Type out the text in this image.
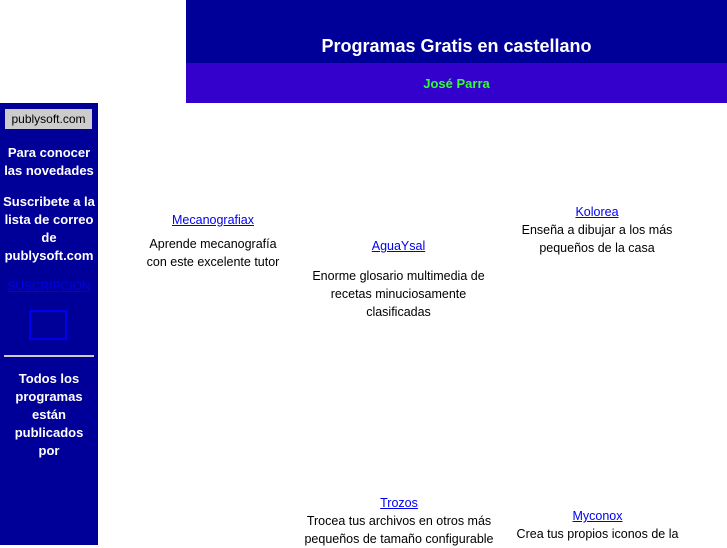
Programas Gratis en castellano
José Parra
publysoft.com
Para conocer las novedades
Suscribete a la lista de correo de publysoft.com
SUSCRIPCION
Todos los programas están publicados por
Mecanografiax
Aprende mecanografía con este excelente tutor
AguaYsal
Enorme glosario multimedia de recetas minuciosamente clasificadas
Kolorea
Enseña a dibujar a los más pequeños de la casa
Trozos
Trocea tus archivos en otros más pequeños de tamaño configurable
Myconox
Crea tus propios iconos de la
